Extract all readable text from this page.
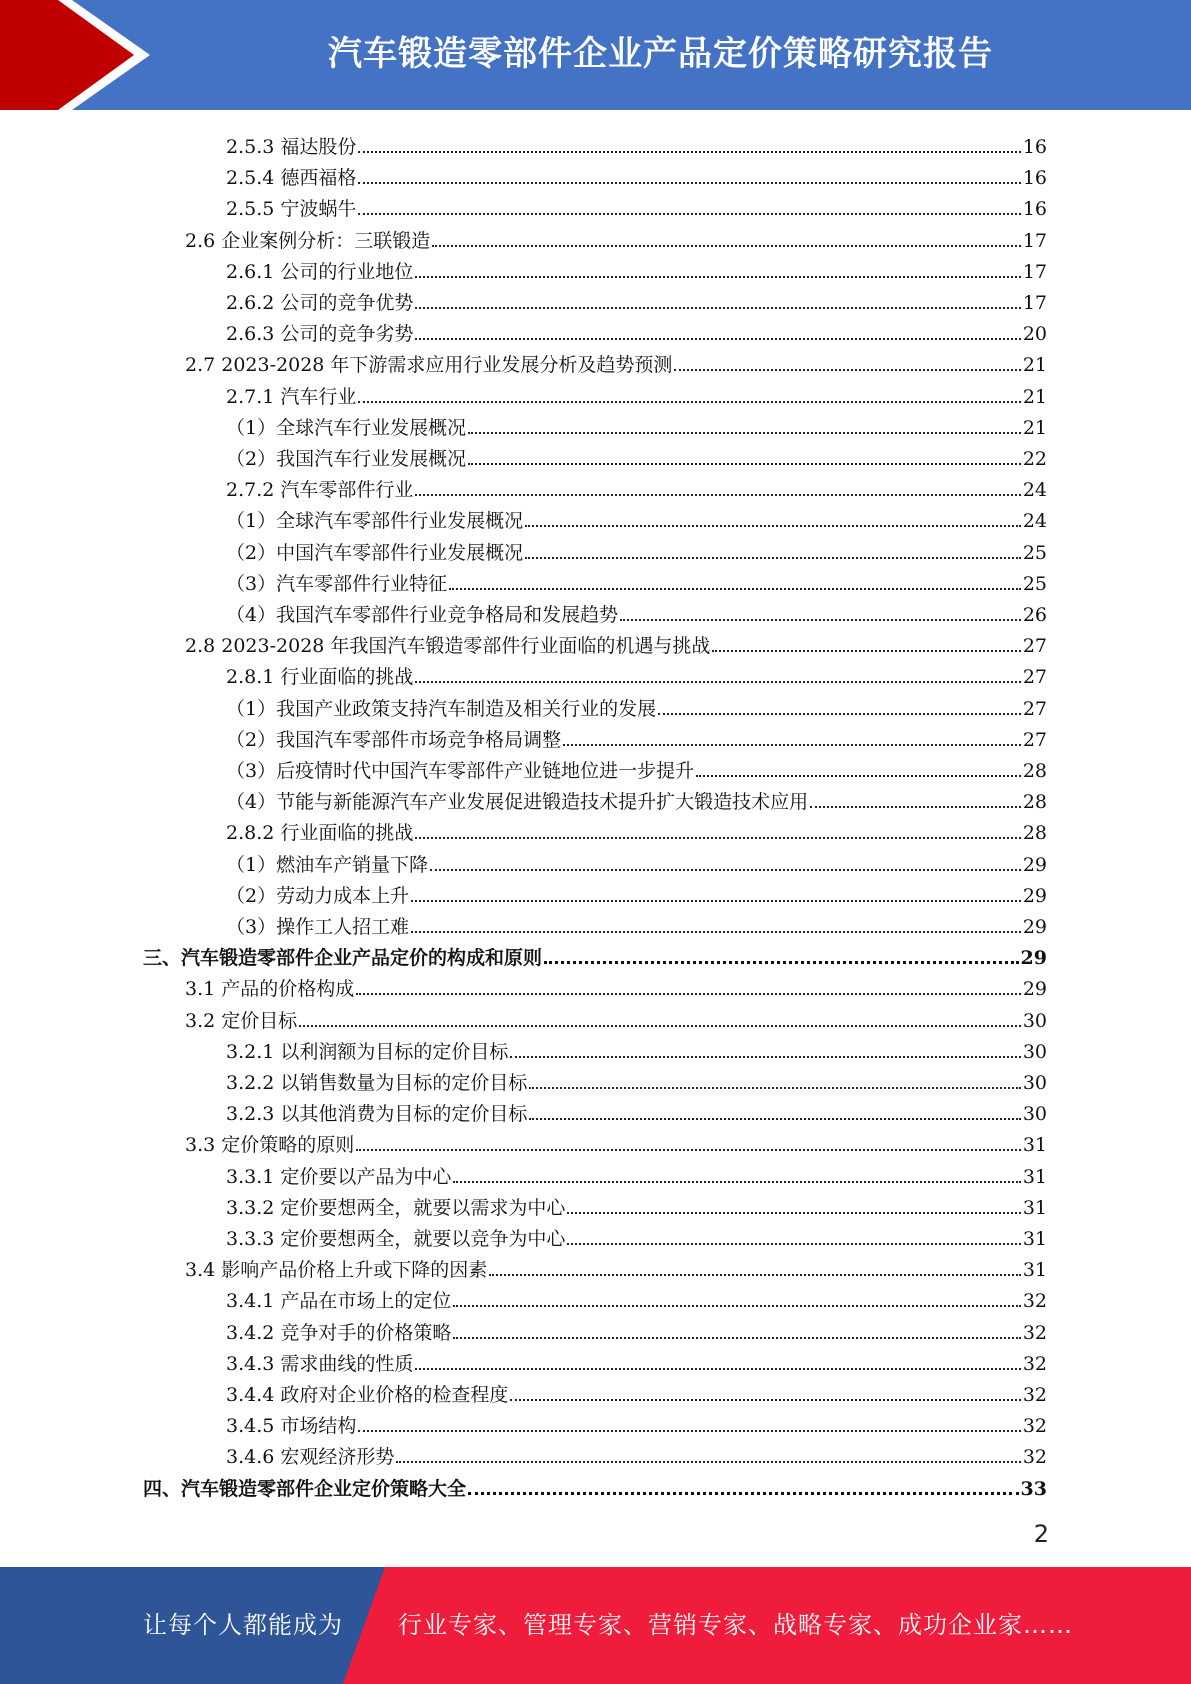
汽车锻造零部件企业产品定价策略研究报告
2.5.3 福达股份	16
2.5.4 德西福格	16
2.5.5 宁波蜗牛	16
2.6 企业案例分析：三联锻造	17
2.6.1 公司的行业地位	17
2.6.2 公司的竞争优势	17
2.6.3 公司的竞争劣势	20
2.7 2023-2028 年下游需求应用行业发展分析及趋势预测	21
2.7.1 汽车行业	21
（1）全球汽车行业发展概况	21
（2）我国汽车行业发展概况	22
2.7.2 汽车零部件行业	24
（1）全球汽车零部件行业发展概况	24
（2）中国汽车零部件行业发展概况	25
（3）汽车零部件行业特征	25
（4）我国汽车零部件行业竞争格局和发展趋势	26
2.8 2023-2028 年我国汽车锻造零部件行业面临的机遇与挑战	27
2.8.1 行业面临的挑战	27
（1）我国产业政策支持汽车制造及相关行业的发展	27
（2）我国汽车零部件市场竞争格局调整	27
（3）后疫情时代中国汽车零部件产业链地位进一步提升	28
（4）节能与新能源汽车产业发展促进锻造技术提升扩大锻造技术应用	28
2.8.2 行业面临的挑战	28
（1）燃油车产销量下降	29
（2）劳动力成本上升	29
（3）操作工人招工难	29
三、汽车锻造零部件企业产品定价的构成和原则	29
3.1 产品的价格构成	29
3.2 定价目标	30
3.2.1 以利润额为目标的定价目标	30
3.2.2 以销售数量为目标的定价目标	30
3.2.3 以其他消费为目标的定价目标	30
3.3 定价策略的原则	31
3.3.1 定价要以产品为中心	31
3.3.2 定价要想两全，就要以需求为中心	31
3.3.3 定价要想两全，就要以竞争为中心	31
3.4 影响产品价格上升或下降的因素	31
3.4.1 产品在市场上的定位	32
3.4.2 竞争对手的价格策略	32
3.4.3 需求曲线的性质	32
3.4.4 政府对企业价格的检查程度	32
3.4.5 市场结构	32
3.4.6 宏观经济形势	32
四、汽车锻造零部件企业定价策略大全	33
2
让每个人都能成为 行业专家、管理专家、营销专家、战略专家、成功企业家……
